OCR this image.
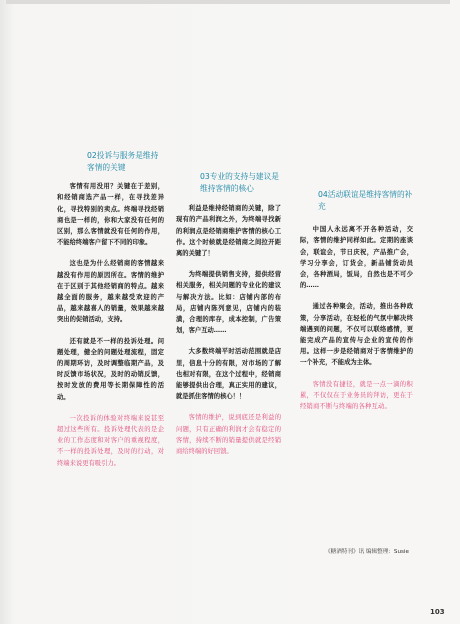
02投诉与服务是维持客情的关键

客情有用没用？关键在于差别，和经销商选产品一样，在寻找差异化，寻找特别的卖点。终端寻找经销商也是一样的，你和大家没有任何的区别，那么客情就没有任何的作用，不能给终端客户留下不同的印象。

这也是为什么经销商的客情越来越没有作用的原因所在。客情的维护在于区别于其他经销商的特点。越来越全面的服务，越来越受欢迎的产品，越来越喜人的销量，效果越来越突出的促销活动，支持。

还有就是不一样的投诉处理。问题处理，健全的问题处理流程，固定的周期环访，及时调整临期产品，及时反馈市场状况，及时的动销反馈，按时发放的费用等长期保障性的活动。

一次投诉的体验对终端来说甚至超过这些所有。投诉处理代表的是企业的工作态度和对客户的重视程度，不一样的投诉处理，及时的行动，对终端来说更有吸引力。

03专业的支持与建议是维持客情的核心

利益是维持经销商的关键，除了现有的产品利润之外，为终端寻找新的利润点是经销商维护客情的核心工作。这个时候就是经销商之间拉开距离的关键了！

为终端提供销售支持，提供经营相关服务，相关问题的专业化的建议与解决方法。比如：店铺内部的布局，店铺内陈列意见，店铺内的装潢，合理的库存，成本控制，广告策划，客户互动……

大多数终端平时活动范围就是店里，信息十分的有限，对市场的了解也相对有限，在这个过程中，经销商能够提供出合理，真正实用的建议，就是抓住客情的核心！！

客情的维护，说到底还是利益的问题，只有正确的利润才会有稳定的客情，持续不断的销量提供就是经销商给终端的好回馈。

04活动联谊是维持客情的补充

中国人永远离不开各种活动，交际，客情的维护同样如此。定期的座谈会，联谊会，节日庆祝，产品推广会，学习分享会，订货会，新品铺货动员会，各种酒局，饭局，自然也是不可少的……

通过各种聚会，活动，推出各种政策，分享活动，在轻松的气氛中解决终端遇到的问题，不仅可以联络感情，更能完成产品的宣传与企业的宣传的作用。这样一步是经销商对于客情维护的一个补充，不能成为主体。

客情没有捷径，就是一点一滴的积累，不仅仅在于业务员的拜访，更在于经销商不断与终端的各种互动。

《糖酒特刊》讯 编辑整理：Susie
103
